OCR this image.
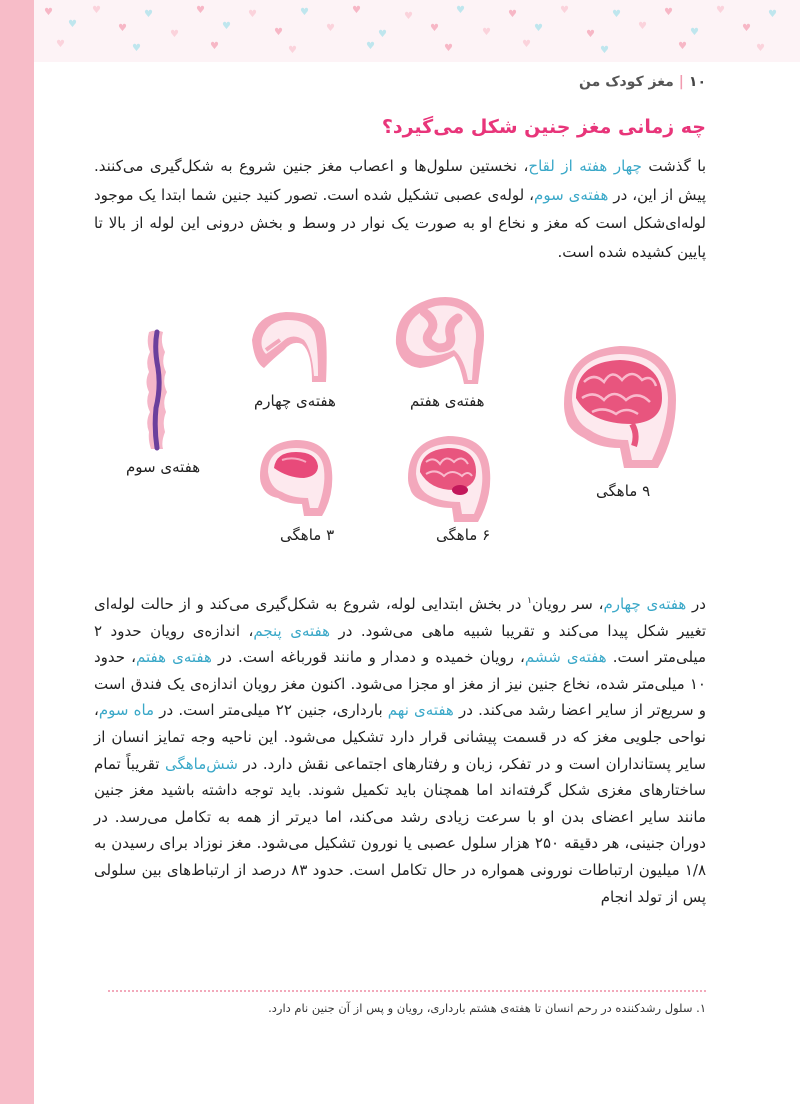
♥
♥
♥
♥
♥
♥
♥
♥
♥
♥
♥
♥
♥
♥
♥
♥
♥
♥
♥
♥
♥
♥
♥
♥
♥
♥
♥
♥
♥
♥	♥	♥	♥	♥	♥	♥
♥	♥	♥
۱۰|مغز کودک من
چه زمانی مغز جنین شکل می‌گیرد؟

با گذشت چهار هفته از لقاح، نخستین سلول‌ها و اعصاب مغز جنین شروع به شکل‌گیری می‌کنند. پیش از این، در هفته‌ی سوم، لوله‌ی عصبی تشکیل شده است. تصور کنید جنین شما ابتدا یک موجود لوله‌ای‌شکل است که مغز و نخاع او به صورت یک نوار در وسط و بخش درونی این لوله از بالا تا پایین کشیده شده است.

هفته‌ی سوم
هفته‌ی چهارم	هفته‌ی هفتم
۳ ماهگی	۶ ماهگی
۹ ماهگی

در هفته‌ی چهارم، سر رویان$^۱$ در بخش ابتدایی لوله، شروع به شکل‌گیری می‌کند و از حالت لوله‌ای تغییر شکل پیدا می‌کند و تقریبا شبیه ماهی می‌شود. در هفته‌ی پنجم، اندازه‌ی رویان حدود ۲ میلی‌متر است. هفته‌ی ششم، رویان خمیده و دمدار و مانند قورباغه است. در هفته‌ی هفتم، حدود ۱۰ میلی‌متر شده، نخاع جنین نیز از مغز او مجزا می‌شود. اکنون مغز رویان اندازه‌ی یک فندق است و سریع‌تر از سایر اعضا رشد می‌کند. در هفته‌ی نهم بارداری، جنین ۲۲ میلی‌متر است. در ماه سوم، نواحی جلویی مغز که در قسمت پیشانی قرار دارد تشکیل می‌شود. این ناحیه وجه تمایز انسان از سایر پستانداران است و در تفکر، زبان و رفتارهای اجتماعی نقش دارد. در شش‌ماهگی تقریباً تمام ساختارهای مغزی شکل گرفته‌اند اما همچنان باید تکمیل شوند. باید توجه داشته باشید مغز جنین مانند سایر اعضای بدن او با سرعت زیادی رشد می‌کند، اما دیرتر از همه به تکامل می‌رسد. در دوران جنینی، هر دقیقه ۲۵۰ هزار سلول عصبی یا نورون تشکیل می‌شود. مغز نوزاد برای رسیدن به ۱/۸ میلیون ارتباطات نورونی همواره در حال تکامل است. حدود ۸۳ درصد از ارتباط‌های بین سلولی پس از تولد انجام

۱. سلول رشدکننده در رحم انسان تا هفته‌ی هشتم بارداری، رویان و پس از آن جنین نام دارد.
